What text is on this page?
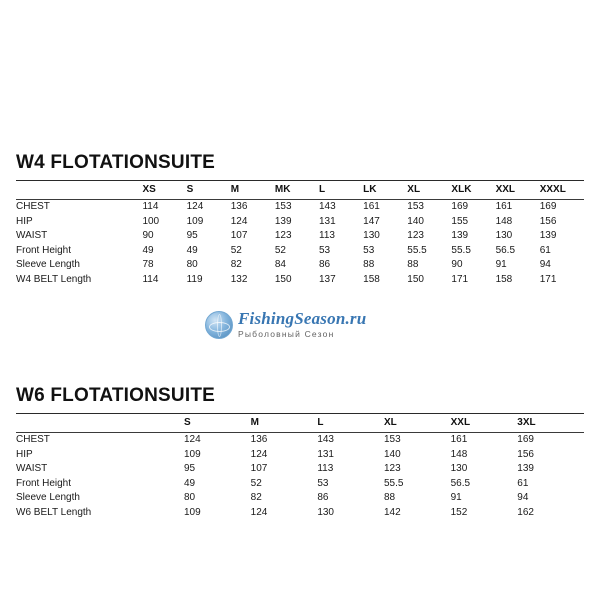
W4 FLOTATIONSUITE
	XS	S	M	MK	L	LK	XL	XLK	XXL	XXXL
CHEST	114	124	136	153	143	161	153	169	161	169
HIP	100	109	124	139	131	147	140	155	148	156
WAIST	90	95	107	123	113	130	123	139	130	139
Front Height	49	49	52	52	53	53	55.5	55.5	56.5	61
Sleeve Length	78	80	82	84	86	88	88	90	91	94
W4 BELT Length	114	119	132	150	137	158	150	171	158	171
FishingSeason.ru
Рыболовный Сезон
W6 FLOTATIONSUITE
	S	M	L	XL	XXL	3XL
CHEST	124	136	143	153	161	169
HIP	109	124	131	140	148	156
WAIST	95	107	113	123	130	139
Front Height	49	52	53	55.5	56.5	61
Sleeve Length	80	82	86	88	91	94
W6 BELT Length	109	124	130	142	152	162
